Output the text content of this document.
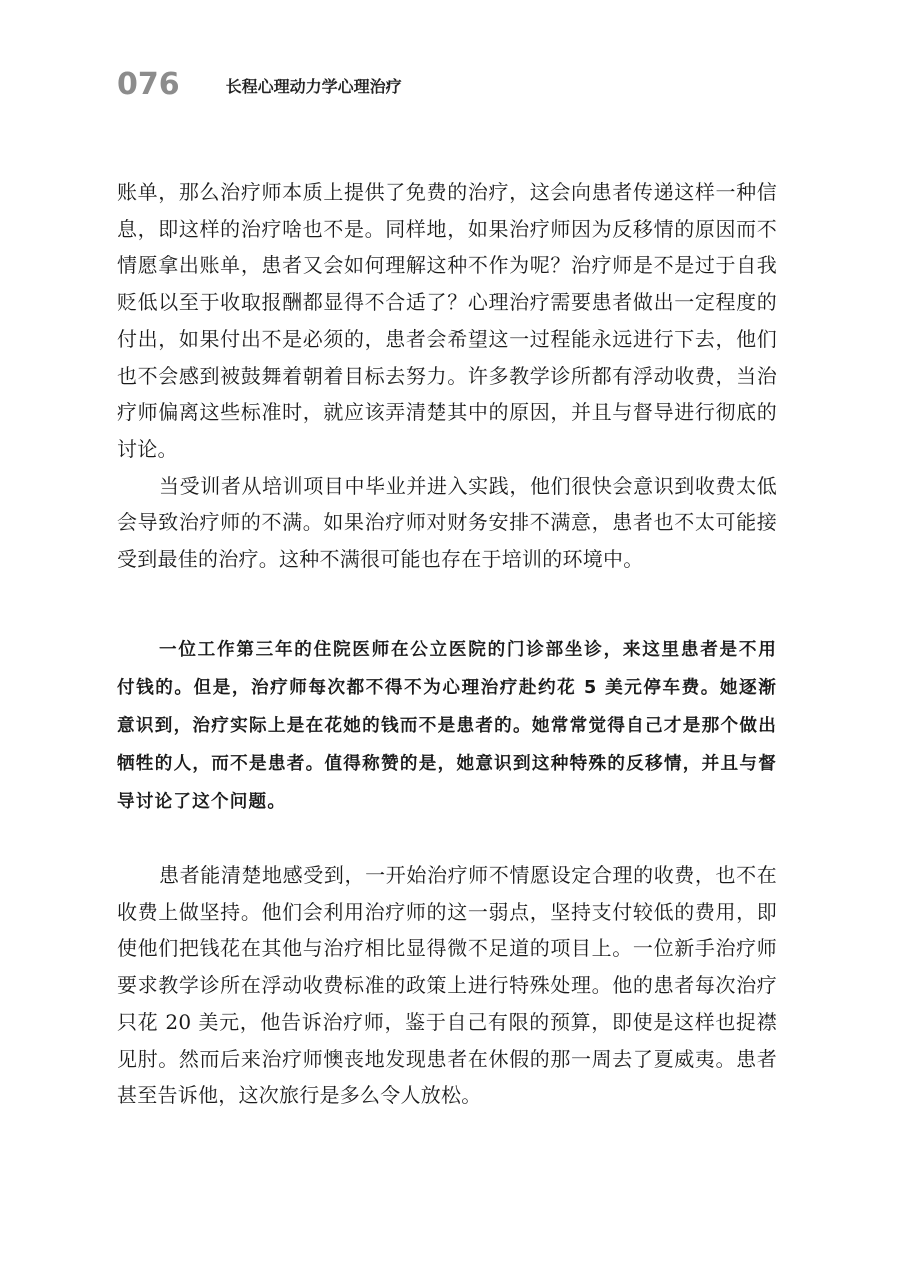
076	长程心理动力学心理治疗

账单，那么治疗师本质上提供了免费的治疗，这会向患者传递这样一种信息，即这样的治疗啥也不是。同样地，如果治疗师因为反移情的原因而不情愿拿出账单，患者又会如何理解这种不作为呢？治疗师是不是过于自我贬低以至于收取报酬都显得不合适了？心理治疗需要患者做出一定程度的付出，如果付出不是必须的，患者会希望这一过程能永远进行下去，他们也不会感到被鼓舞着朝着目标去努力。许多教学诊所都有浮动收费，当治疗师偏离这些标准时，就应该弄清楚其中的原因，并且与督导进行彻底的讨论。

当受训者从培训项目中毕业并进入实践，他们很快会意识到收费太低会导致治疗师的不满。如果治疗师对财务安排不满意，患者也不太可能接受到最佳的治疗。这种不满很可能也存在于培训的环境中。

一位工作第三年的住院医师在公立医院的门诊部坐诊，来这里患者是不用付钱的。但是，治疗师每次都不得不为心理治疗赴约花 5 美元停车费。她逐渐意识到，治疗实际上是在花她的钱而不是患者的。她常常觉得自己才是那个做出牺牲的人，而不是患者。值得称赞的是，她意识到这种特殊的反移情，并且与督导讨论了这个问题。

患者能清楚地感受到，一开始治疗师不情愿设定合理的收费，也不在收费上做坚持。他们会利用治疗师的这一弱点，坚持支付较低的费用，即使他们把钱花在其他与治疗相比显得微不足道的项目上。一位新手治疗师要求教学诊所在浮动收费标准的政策上进行特殊处理。他的患者每次治疗只花 20 美元，他告诉治疗师，鉴于自己有限的预算，即使是这样也捉襟见肘。然而后来治疗师懊丧地发现患者在休假的那一周去了夏威夷。患者甚至告诉他，这次旅行是多么令人放松。
